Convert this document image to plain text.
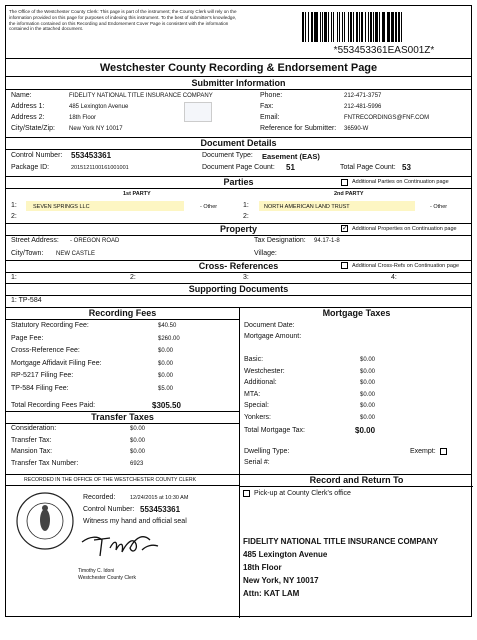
The Office of the Westchester County Clerk: This page is part of the instrument; the County Clerk will rely on the information provided on this page for purposes of indexing this instrument. To the best of submitter's knowledge, the information contained on this Recording and Endorsement Cover Page is consistent with the information contained in the attached document.
*553453361EAS001Z*
Westchester County Recording & Endorsement Page
Submitter Information
Name:	FIDELITY NATIONAL TITLE INSURANCE COMPANY
Address 1:	485 Lexington Avenue
Address 2:	18th Floor
City/State/Zip: New York NY 10017
Phone:	212-471-3757
Fax:	212-481-5996
Email:	FNTRECORDINGS@FNF.COM
Reference for Submitter: 36590-W
Document Details
Control Number: 553453361	Document Type: Easement (EAS)
Package ID:	2015121100161001001	Document Page Count: 51	Total Page Count: 53
Parties	Additional Parties on Continuation page
1st PARTY	2nd PARTY
1:	SEVEN SPRINGS LLC	- Other	1:	NORTH AMERICAN LAND TRUST	- Other
2:	2:
Property	✓ Additional Properties on Continuation page
Street Address: - OREGON ROAD	Tax Designation: 94.17-1-8
City/Town: NEW CASTLE	Village:
Cross- References	Additional Cross-Refs on Continuation page
1:	2:	3:	4:
Supporting Documents
1: TP-584
Recording Fees	Mortgage Taxes
Statutory Recording Fee:	$40.50
Page Fee:	$260.00
Cross-Reference Fee:	$0.00
Mortgage Affidavit Filing Fee:	$0.00
RP-5217 Filing Fee:	$0.00
TP-584 Filing Fee:	$5.00
Total Recording Fees Paid:	$305.50
Document Date:
Mortgage Amount:
Basic:	$0.00
Westchester:	$0.00
Additional:	$0.00
MTA:	$0.00
Special:	$0.00
Yonkers:	$0.00
Total Mortgage Tax:	$0.00
Dwelling Type:	Exempt:
Serial #:
Transfer Taxes
Consideration:	$0.00
Transfer Tax:	$0.00
Mansion Tax:	$0.00
Transfer Tax Number:	6923
RECORDED IN THE OFFICE OF THE WESTCHESTER COUNTY CLERK	Record and Return To
Recorded:	12/24/2015 at 10:30 AM
Control Number: 553453361
Witness my hand and official seal
Timothy C. Idoni
Westchester County Clerk
Pick-up at County Clerk's office
FIDELITY NATIONAL TITLE INSURANCE COMPANY
485 Lexington Avenue
18th Floor
New York, NY 10017
Attn: KAT LAM
